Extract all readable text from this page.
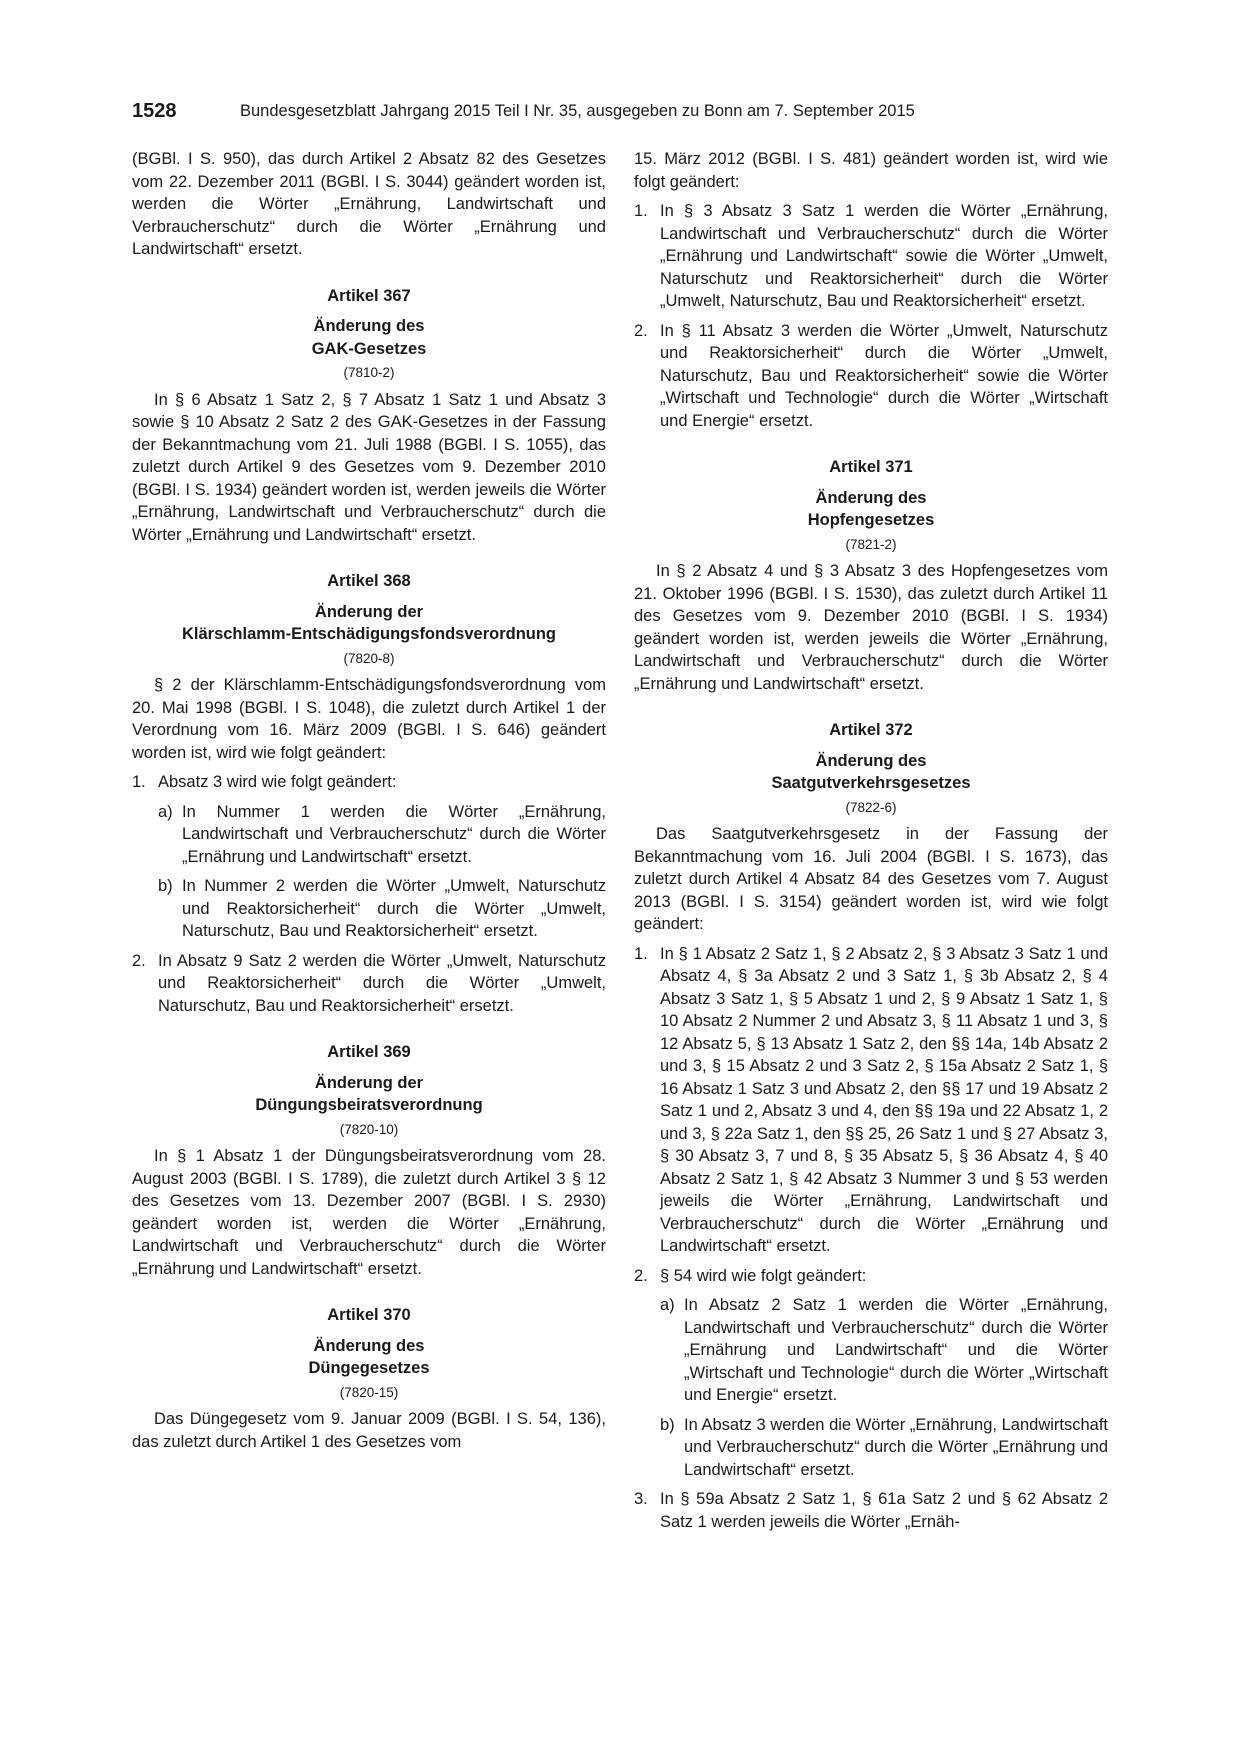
1528	Bundesgesetzblatt Jahrgang 2015 Teil I Nr. 35, ausgegeben zu Bonn am 7. September 2015

(BGBl. I S. 950), das durch Artikel 2 Absatz 82 des Gesetzes vom 22. Dezember 2011 (BGBl. I S. 3044) geändert worden ist, werden die Wörter „Ernährung, Landwirtschaft und Verbraucherschutz“ durch die Wörter „Ernährung und Landwirtschaft“ ersetzt.

Artikel 367
Änderung des
GAK-Gesetzes
(7810-2)

In § 6 Absatz 1 Satz 2, § 7 Absatz 1 Satz 1 und Absatz 3 sowie § 10 Absatz 2 Satz 2 des GAK-Gesetzes in der Fassung der Bekanntmachung vom 21. Juli 1988 (BGBl. I S. 1055), das zuletzt durch Artikel 9 des Gesetzes vom 9. Dezember 2010 (BGBl. I S. 1934) geändert worden ist, werden jeweils die Wörter „Ernährung, Landwirtschaft und Verbraucherschutz“ durch die Wörter „Ernährung und Landwirtschaft“ ersetzt.

Artikel 368
Änderung der
Klärschlamm-Entschädigungsfondsverordnung
(7820-8)

§ 2 der Klärschlamm-Entschädigungsfondsverordnung vom 20. Mai 1998 (BGBl. I S. 1048), die zuletzt durch Artikel 1 der Verordnung vom 16. März 2009 (BGBl. I S. 646) geändert worden ist, wird wie folgt geändert:

1. Absatz 3 wird wie folgt geändert:
a) In Nummer 1 werden die Wörter „Ernährung, Landwirtschaft und Verbraucherschutz“ durch die Wörter „Ernährung und Landwirtschaft“ ersetzt.
b) In Nummer 2 werden die Wörter „Umwelt, Naturschutz und Reaktorsicherheit“ durch die Wörter „Umwelt, Naturschutz, Bau und Reaktorsicherheit“ ersetzt.
2. In Absatz 9 Satz 2 werden die Wörter „Umwelt, Naturschutz und Reaktorsicherheit“ durch die Wörter „Umwelt, Naturschutz, Bau und Reaktorsicherheit“ ersetzt.
Artikel 369
Änderung der
Düngungsbeiratsverordnung
(7820-10)

In § 1 Absatz 1 der Düngungsbeiratsverordnung vom 28. August 2003 (BGBl. I S. 1789), die zuletzt durch Artikel 3 § 12 des Gesetzes vom 13. Dezember 2007 (BGBl. I S. 2930) geändert worden ist, werden die Wörter „Ernährung, Landwirtschaft und Verbraucherschutz“ durch die Wörter „Ernährung und Landwirtschaft“ ersetzt.

Artikel 370
Änderung des
Düngegesetzes
(7820-15)

Das Düngegesetz vom 9. Januar 2009 (BGBl. I S. 54, 136), das zuletzt durch Artikel 1 des Gesetzes vom

15. März 2012 (BGBl. I S. 481) geändert worden ist, wird wie folgt geändert:

1. In § 3 Absatz 3 Satz 1 werden die Wörter „Ernährung, Landwirtschaft und Verbraucherschutz“ durch die Wörter „Ernährung und Landwirtschaft“ sowie die Wörter „Umwelt, Naturschutz und Reaktorsicherheit“ durch die Wörter „Umwelt, Naturschutz, Bau und Reaktorsicherheit“ ersetzt.
2. In § 11 Absatz 3 werden die Wörter „Umwelt, Naturschutz und Reaktorsicherheit“ durch die Wörter „Umwelt, Naturschutz, Bau und Reaktorsicherheit“ sowie die Wörter „Wirtschaft und Technologie“ durch die Wörter „Wirtschaft und Energie“ ersetzt.
Artikel 371
Änderung des
Hopfengesetzes
(7821-2)

In § 2 Absatz 4 und § 3 Absatz 3 des Hopfengesetzes vom 21. Oktober 1996 (BGBl. I S. 1530), das zuletzt durch Artikel 11 des Gesetzes vom 9. Dezember 2010 (BGBl. I S. 1934) geändert worden ist, werden jeweils die Wörter „Ernährung, Landwirtschaft und Verbraucherschutz“ durch die Wörter „Ernährung und Landwirtschaft“ ersetzt.

Artikel 372
Änderung des
Saatgutverkehrsgesetzes
(7822-6)

Das Saatgutverkehrsgesetz in der Fassung der Bekanntmachung vom 16. Juli 2004 (BGBl. I S. 1673), das zuletzt durch Artikel 4 Absatz 84 des Gesetzes vom 7. August 2013 (BGBl. I S. 3154) geändert worden ist, wird wie folgt geändert:

1. In § 1 Absatz 2 Satz 1, § 2 Absatz 2, § 3 Absatz 3 Satz 1 und Absatz 4, § 3a Absatz 2 und 3 Satz 1, § 3b Absatz 2, § 4 Absatz 3 Satz 1, § 5 Absatz 1 und 2, § 9 Absatz 1 Satz 1, § 10 Absatz 2 Nummer 2 und Absatz 3, § 11 Absatz 1 und 3, § 12 Absatz 5, § 13 Absatz 1 Satz 2, den §§ 14a, 14b Absatz 2 und 3, § 15 Absatz 2 und 3 Satz 2, § 15a Absatz 2 Satz 1, § 16 Absatz 1 Satz 3 und Absatz 2, den §§ 17 und 19 Absatz 2 Satz 1 und 2, Absatz 3 und 4, den §§ 19a und 22 Absatz 1, 2 und 3, § 22a Satz 1, den §§ 25, 26 Satz 1 und § 27 Absatz 3, § 30 Absatz 3, 7 und 8, § 35 Absatz 5, § 36 Absatz 4, § 40 Absatz 2 Satz 1, § 42 Absatz 3 Nummer 3 und § 53 werden jeweils die Wörter „Ernährung, Landwirtschaft und Verbraucherschutz“ durch die Wörter „Ernährung und Landwirtschaft“ ersetzt.
2. § 54 wird wie folgt geändert:
a) In Absatz 2 Satz 1 werden die Wörter „Ernährung, Landwirtschaft und Verbraucherschutz“ durch die Wörter „Ernährung und Landwirtschaft“ und die Wörter „Wirtschaft und Technologie“ durch die Wörter „Wirtschaft und Energie“ ersetzt.
b) In Absatz 3 werden die Wörter „Ernährung, Landwirtschaft und Verbraucherschutz“ durch die Wörter „Ernährung und Landwirtschaft“ ersetzt.
3. In § 59a Absatz 2 Satz 1, § 61a Satz 2 und § 62 Absatz 2 Satz 1 werden jeweils die Wörter „Ernäh-
